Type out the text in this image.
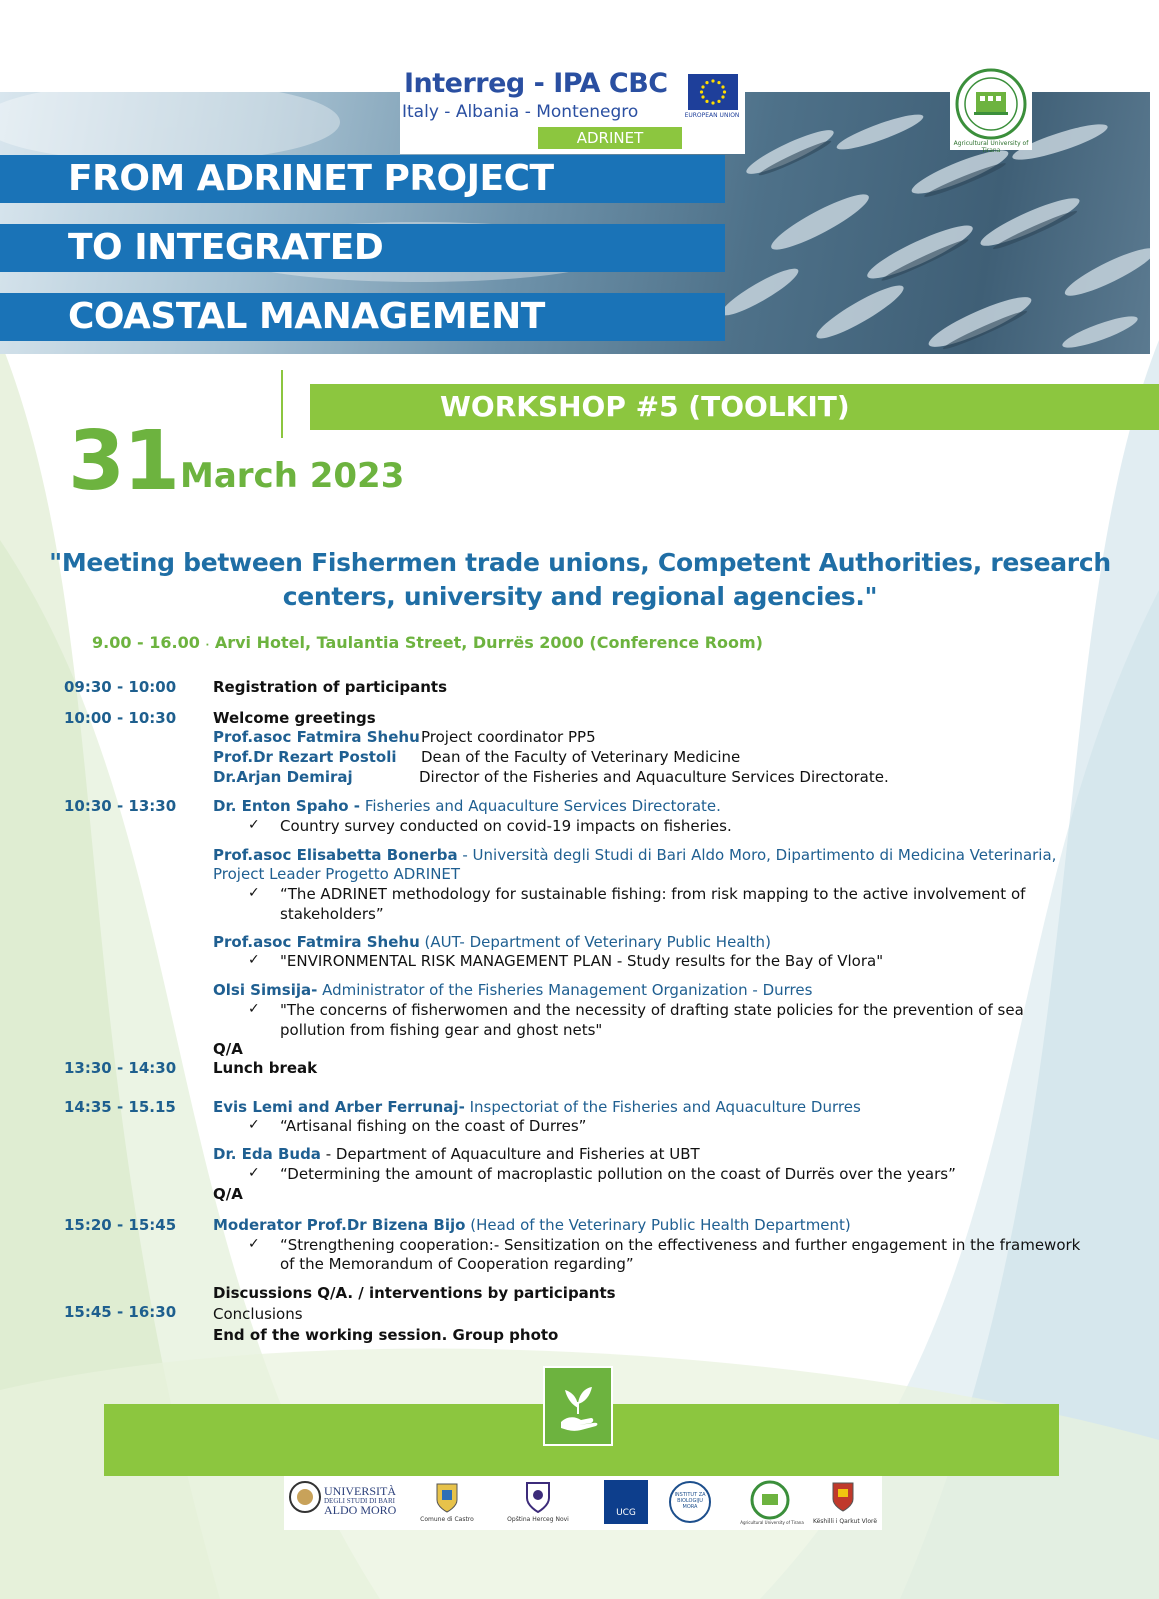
FROM ADRINET PROJECT
TO INTEGRATED
COASTAL MANAGEMENT
Interreg - IPA CBC
Italy - Albania - Montenegro
ADRINET
EUROPEAN UNION
Agricultural University of Tirana
WORKSHOP #5 (TOOLKIT)
31 March 2023
"Meeting between Fishermen trade unions, Competent Authorities, research
centers, university and regional agencies."
9.00 - 16.00 · Arvi Hotel, Taulantia Street, Durrës 2000 (Conference Room)
09:30 - 10:00 Registration of participants
10:00 - 10:30 Welcome greetings
Prof.asoc Fatmira Shehu Project coordinator PP5
Prof.Dr Rezart Postoli Dean of the Faculty of Veterinary Medicine
Dr.Arjan Demiraj	Director of the Fisheries and Aquaculture Services Directorate.
10:30 - 13:30 Dr. Enton Spaho - Fisheries and Aquaculture Services Directorate.
✓ Country survey conducted on covid-19 impacts on fisheries.
Prof.asoc Elisabetta Bonerba - Università degli Studi di Bari Aldo Moro, Dipartimento di Medicina Veterinaria,
Project Leader Progetto ADRINET
✓ “The ADRINET methodology for sustainable fishing: from risk mapping to the active involvement of
stakeholders”
Prof.asoc Fatmira Shehu (AUT- Department of Veterinary Public Health)
✓ "ENVIRONMENTAL RISK MANAGEMENT PLAN - Study results for the Bay of Vlora"
Olsi Simsija- Administrator of the Fisheries Management Organization - Durres
✓ "The concerns of fisherwomen and the necessity of drafting state policies for the prevention of sea
pollution from fishing gear and ghost nets"
Q/A
13:30 - 14:30 Lunch break
14:35 - 15.15 Evis Lemi and Arber Ferrunaj- Inspectoriat of the Fisheries and Aquaculture Durres
✓ “Artisanal fishing on the coast of Durres”
Dr. Eda Buda - Department of Aquaculture and Fisheries at UBT
✓ “Determining the amount of macroplastic pollution on the coast of Durrës over the years”
Q/A
15:20 - 15:45 Moderator Prof.Dr Bizena Bijo (Head of the Veterinary Public Health Department)
✓ “Strengthening cooperation:- Sensitization on the effectiveness and further engagement in the framework
of the Memorandum of Cooperation regarding”
Discussions Q/A. / interventions by participants
15:45 - 16:30 Conclusions
End of the working session. Group photo
UNIVERSITÀ
DEGLI STUDI DI BARI
ALDO MORO
Comune di Castro	Opština Herceg Novi
UCG
INSTITUT ZA
BIOLOGIJU
MORA
Agricultural University of Tirana	Këshilli i Qarkut Vlorë
